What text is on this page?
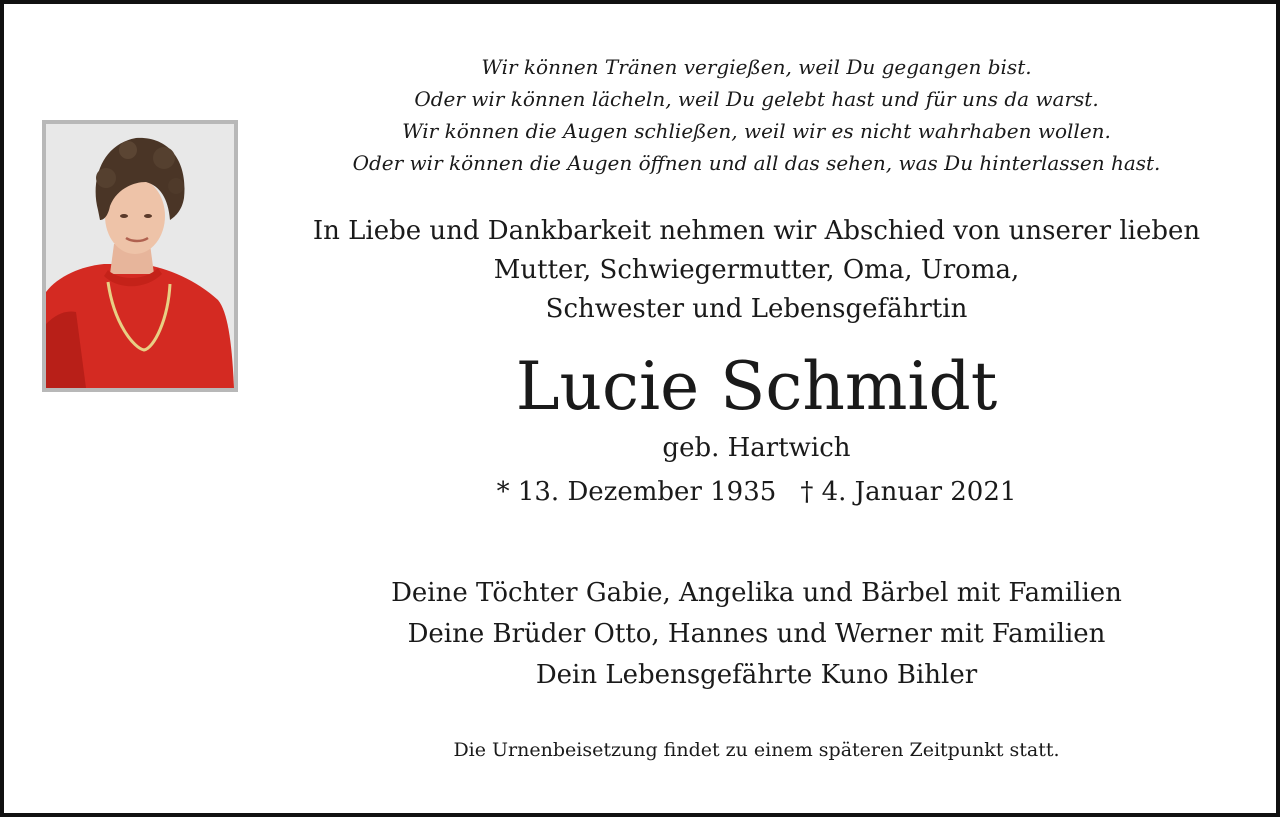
Wir können Tränen vergießen, weil Du gegangen bist.
Oder wir können lächeln, weil Du gelebt hast und für uns da warst.
Wir können die Augen schließen, weil wir es nicht wahrhaben wollen.
Oder wir können die Augen öffnen und all das sehen, was Du hinterlassen hast.
In Liebe und Dankbarkeit nehmen wir Abschied von unserer lieben
Mutter, Schwiegermutter, Oma, Uroma,
Schwester und Lebensgefährtin
Lucie Schmidt
geb. Hartwich
* 13. Dezember 1935 † 4. Januar 2021
Deine Töchter Gabie, Angelika und Bärbel mit Familien
Deine Brüder Otto, Hannes und Werner mit Familien
Dein Lebensgefährte Kuno Bihler
Die Urnenbeisetzung findet zu einem späteren Zeitpunkt statt.
